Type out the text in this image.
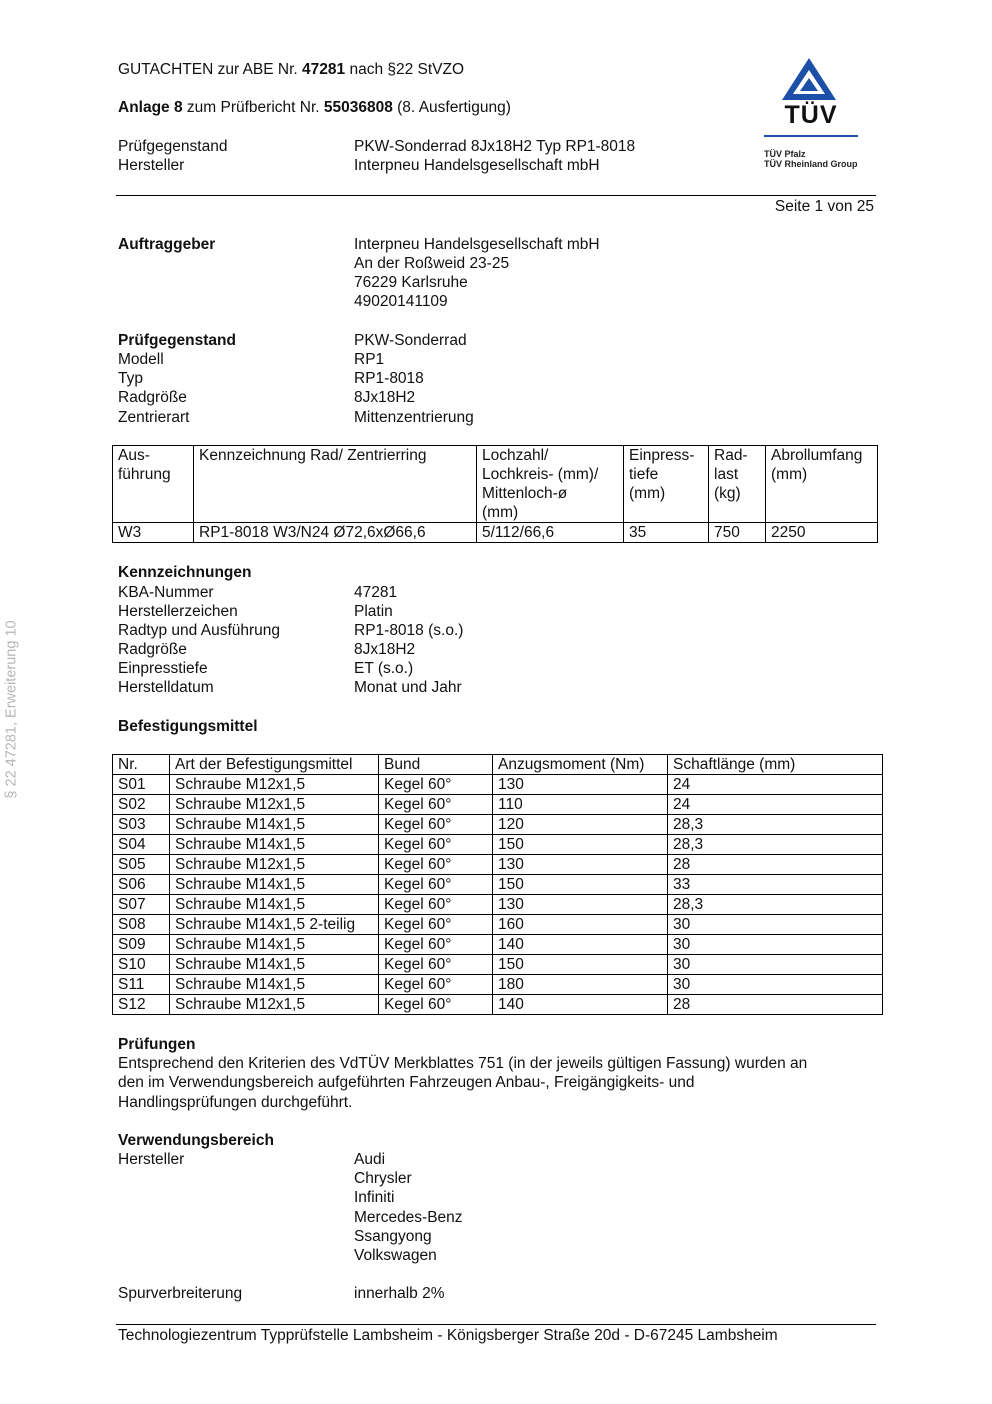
GUTACHTEN zur ABE Nr. 47281 nach §22 StVZO
Anlage 8 zum Prüfbericht Nr. 55036808 (8. Ausfertigung)
Prüfgegenstand	PKW-Sonderrad 8Jx18H2 Typ RP1-8018
Hersteller	Interpneu Handelsgesellschaft mbH
TÜV
TÜV Pfalz
TÜV Rheinland Group
Seite 1 von 25
§ 22 47281, Erweiterung 10
Auftraggeber	Interpneu Handelsgesellschaft mbH
An der Roßweid 23-25
76229 Karlsruhe
49020141109
Prüfgegenstand	PKW-Sonderrad
Modell	RP1
Typ	RP1-8018
Radgröße	8Jx18H2
Zentrierart	Mittenzentrierung
Aus-
führung	Kennzeichnung Rad/ Zentrierring	Lochzahl/
Lochkreis- (mm)/
Mittenloch-ø
(mm)	Einpress-
tiefe
(mm)	Rad-
last
(kg)	Abrollumfang
(mm)
W3	RP1-8018 W3/N24 Ø72,6xØ66,6	5/112/66,6	35	750	2250
Kennzeichnungen
KBA-Nummer	47281
Herstellerzeichen	Platin
Radtyp und Ausführung	RP1-8018 (s.o.)
Radgröße	8Jx18H2
Einpresstiefe	ET (s.o.)
Herstelldatum	Monat und Jahr
Befestigungsmittel
Nr.	Art der Befestigungsmittel	Bund	Anzugsmoment (Nm)	Schaftlänge (mm)
S01	Schraube M12x1,5	Kegel 60°	130	24
S02	Schraube M12x1,5	Kegel 60°	110	24
S03	Schraube M14x1,5	Kegel 60°	120	28,3
S04	Schraube M14x1,5	Kegel 60°	150	28,3
S05	Schraube M12x1,5	Kegel 60°	130	28
S06	Schraube M14x1,5	Kegel 60°	150	33
S07	Schraube M14x1,5	Kegel 60°	130	28,3
S08	Schraube M14x1,5 2-teilig	Kegel 60°	160	30
S09	Schraube M14x1,5	Kegel 60°	140	30
S10	Schraube M14x1,5	Kegel 60°	150	30
S11	Schraube M14x1,5	Kegel 60°	180	30
S12	Schraube M12x1,5	Kegel 60°	140	28
Prüfungen
Entsprechend den Kriterien des VdTÜV Merkblattes 751 (in der jeweils gültigen Fassung) wurden an
den im Verwendungsbereich aufgeführten Fahrzeugen Anbau-, Freigängigkeits- und
Handlingsprüfungen durchgeführt.
Verwendungsbereich
Hersteller	Audi
Chrysler
Infiniti
Mercedes-Benz
Ssangyong
Volkswagen
Spurverbreiterung	innerhalb 2%
Technologiezentrum Typprüfstelle Lambsheim - Königsberger Straße 20d - D-67245 Lambsheim
